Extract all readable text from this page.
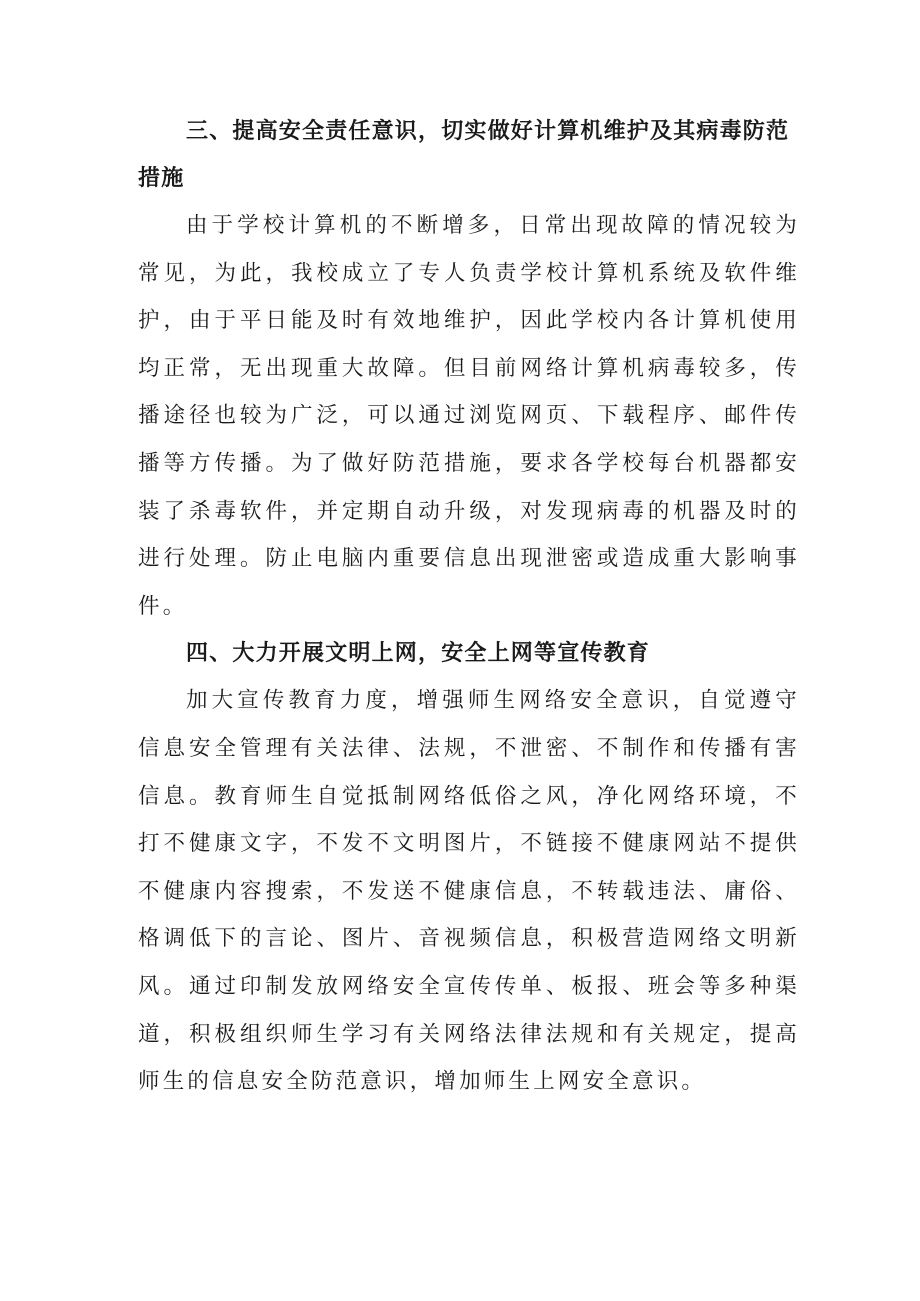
三、提高安全责任意识，切实做好计算机维护及其病毒防范措施

由于学校计算机的不断增多，日常出现故障的情况较为常见，为此，我校成立了专人负责学校计算机系统及软件维护，由于平日能及时有效地维护，因此学校内各计算机使用均正常，无出现重大故障。但目前网络计算机病毒较多，传播途径也较为广泛，可以通过浏览网页、下载程序、邮件传播等方传播。为了做好防范措施，要求各学校每台机器都安装了杀毒软件，并定期自动升级，对发现病毒的机器及时的进行处理。防止电脑内重要信息出现泄密或造成重大影响事件。

四、大力开展文明上网，安全上网等宣传教育

加大宣传教育力度，增强师生网络安全意识，自觉遵守信息安全管理有关法律、法规，不泄密、不制作和传播有害信息。教育师生自觉抵制网络低俗之风，净化网络环境，不打不健康文字，不发不文明图片，不链接不健康网站不提供不健康内容搜索，不发送不健康信息，不转载违法、庸俗、格调低下的言论、图片、音视频信息，积极营造网络文明新风。通过印制发放网络安全宣传传单、板报、班会等多种渠道，积极组织师生学习有关网络法律法规和有关规定，提高师生的信息安全防范意识，增加师生上网安全意识。
